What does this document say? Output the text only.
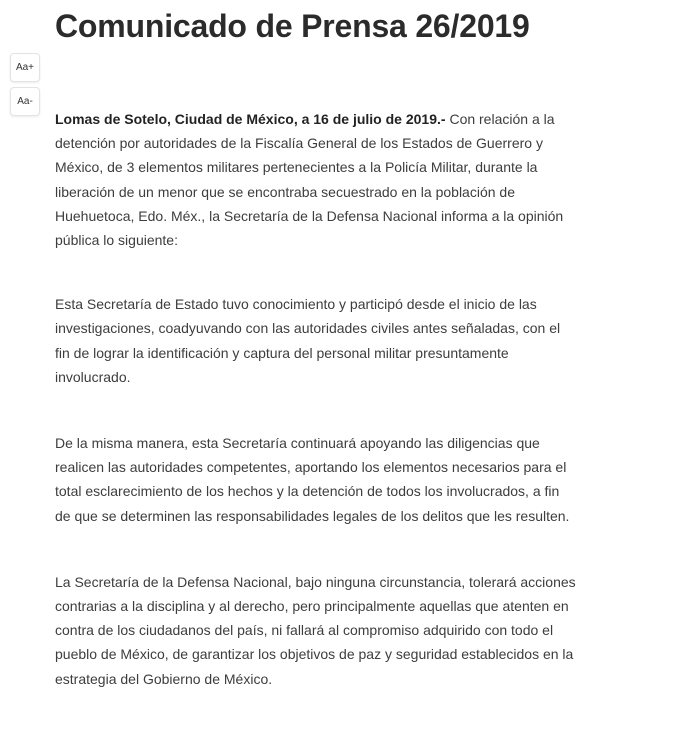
Comunicado de Prensa 26/2019
Aa+
Aa-

Lomas de Sotelo, Ciudad de México, a 16 de julio de 2019.- Con relación a la detención por autoridades de la Fiscalía General de los Estados de Guerrero y México, de 3 elementos militares pertenecientes a la Policía Militar, durante la liberación de un menor que se encontraba secuestrado en la población de Huehuetoca, Edo. Méx., la Secretaría de la Defensa Nacional informa a la opinión pública lo siguiente:

Esta Secretaría de Estado tuvo conocimiento y participó desde el inicio de las investigaciones, coadyuvando con las autoridades civiles antes señaladas, con el fin de lograr la identificación y captura del personal militar presuntamente involucrado.

De la misma manera, esta Secretaría continuará apoyando las diligencias que realicen las autoridades competentes, aportando los elementos necesarios para el total esclarecimiento de los hechos y la detención de todos los involucrados, a fin de que se determinen las responsabilidades legales de los delitos que les resulten.

La Secretaría de la Defensa Nacional, bajo ninguna circunstancia, tolerará acciones contrarias a la disciplina y al derecho, pero principalmente aquellas que atenten en contra de los ciudadanos del país, ni fallará al compromiso adquirido con todo el pueblo de México, de garantizar los objetivos de paz y seguridad establecidos en la estrategia del Gobierno de México.
